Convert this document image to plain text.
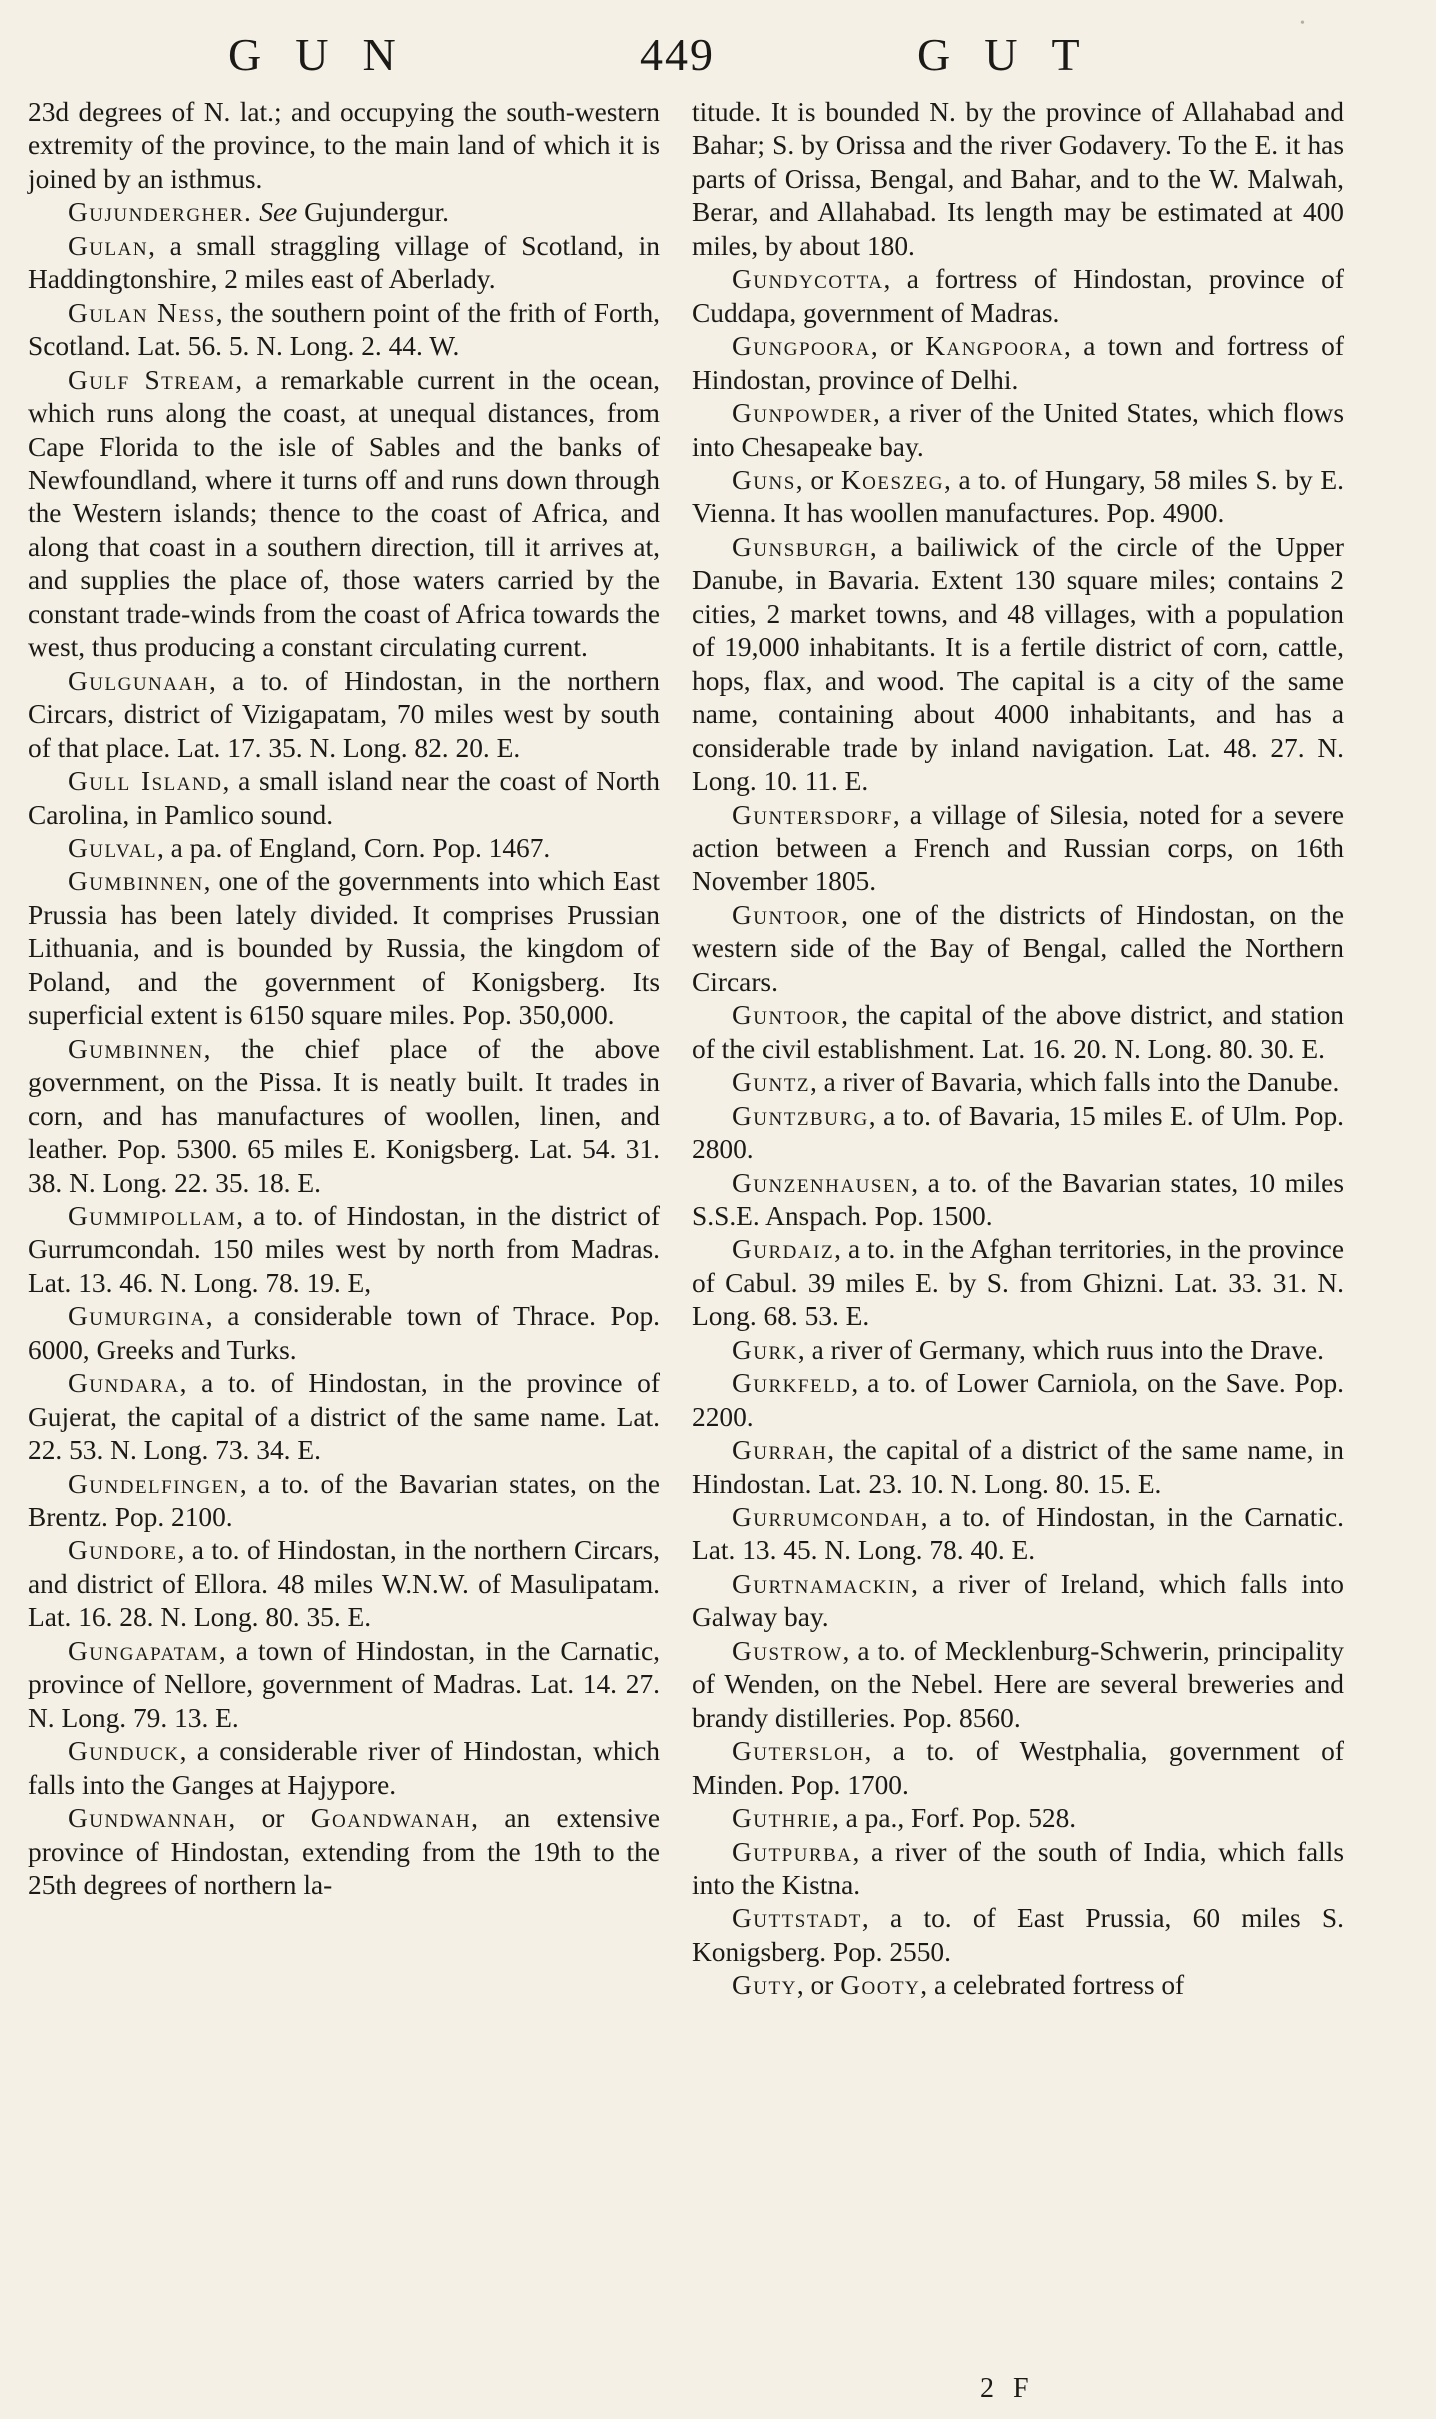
GUN	449	GUT
•

23d degrees of N. lat.; and occupying the south-western extremity of the province, to the main land of which it is joined by an isthmus.

Gujundergher. See Gujundergur.

Gulan, a small straggling village of Scotland, in Haddingtonshire, 2 miles east of Aberlady.

Gulan Ness, the southern point of the frith of Forth, Scotland. Lat. 56. 5. N. Long. 2. 44. W.

Gulf Stream, a remarkable current in the ocean, which runs along the coast, at unequal distances, from Cape Florida to the isle of Sables and the banks of Newfoundland, where it turns off and runs down through the Western islands; thence to the coast of Africa, and along that coast in a southern direction, till it arrives at, and supplies the place of, those waters carried by the constant trade-winds from the coast of Africa towards the west, thus producing a constant circulating current.

Gulgunaah, a to. of Hindostan, in the northern Circars, district of Vizigapatam, 70 miles west by south of that place. Lat. 17. 35. N. Long. 82. 20. E.

Gull Island, a small island near the coast of North Carolina, in Pamlico sound.

Gulval, a pa. of England, Corn. Pop. 1467.

Gumbinnen, one of the governments into which East Prussia has been lately divided. It comprises Prussian Lithuania, and is bounded by Russia, the kingdom of Poland, and the government of Konigsberg. Its superficial extent is 6150 square miles. Pop. 350,000.

Gumbinnen, the chief place of the above government, on the Pissa. It is neatly built. It trades in corn, and has manufactures of woollen, linen, and leather. Pop. 5300. 65 miles E. Konigsberg. Lat. 54. 31. 38. N. Long. 22. 35. 18. E.

Gummipollam, a to. of Hindostan, in the district of Gurrumcondah. 150 miles west by north from Madras. Lat. 13. 46. N. Long. 78. 19. E,

Gumurgina, a considerable town of Thrace. Pop. 6000, Greeks and Turks.

Gundara, a to. of Hindostan, in the province of Gujerat, the capital of a district of the same name. Lat. 22. 53. N. Long. 73. 34. E.

Gundelfingen, a to. of the Bavarian states, on the Brentz. Pop. 2100.

Gundore, a to. of Hindostan, in the northern Circars, and district of Ellora. 48 miles W.N.W. of Masulipatam. Lat. 16. 28. N. Long. 80. 35. E.

Gungapatam, a town of Hindostan, in the Carnatic, province of Nellore, government of Madras. Lat. 14. 27. N. Long. 79. 13. E.

Gunduck, a considerable river of Hindostan, which falls into the Ganges at Hajypore.

Gundwannah, or Goandwanah, an extensive province of Hindostan, extending from the 19th to the 25th degrees of northern la-

titude. It is bounded N. by the province of Allahabad and Bahar; S. by Orissa and the river Godavery. To the E. it has parts of Orissa, Bengal, and Bahar, and to the W. Malwah, Berar, and Allahabad. Its length may be estimated at 400 miles, by about 180.

Gundycotta, a fortress of Hindostan, province of Cuddapa, government of Madras.

Gungpoora, or Kangpoora, a town and fortress of Hindostan, province of Delhi.

Gunpowder, a river of the United States, which flows into Chesapeake bay.

Guns, or Koeszeg, a to. of Hungary, 58 miles S. by E. Vienna. It has woollen manufactures. Pop. 4900.

Gunsburgh, a bailiwick of the circle of the Upper Danube, in Bavaria. Extent 130 square miles; contains 2 cities, 2 market towns, and 48 villages, with a population of 19,000 inhabitants. It is a fertile district of corn, cattle, hops, flax, and wood. The capital is a city of the same name, containing about 4000 inhabitants, and has a considerable trade by inland navigation. Lat. 48. 27. N. Long. 10. 11. E.

Guntersdorf, a village of Silesia, noted for a severe action between a French and Russian corps, on 16th November 1805.

Guntoor, one of the districts of Hindostan, on the western side of the Bay of Bengal, called the Northern Circars.

Guntoor, the capital of the above district, and station of the civil establishment. Lat. 16. 20. N. Long. 80. 30. E.

Guntz, a river of Bavaria, which falls into the Danube.

Guntzburg, a to. of Bavaria, 15 miles E. of Ulm. Pop. 2800.

Gunzenhausen, a to. of the Bavarian states, 10 miles S.S.E. Anspach. Pop. 1500.

Gurdaiz, a to. in the Afghan territories, in the province of Cabul. 39 miles E. by S. from Ghizni. Lat. 33. 31. N. Long. 68. 53. E.

Gurk, a river of Germany, which ruus into the Drave.

Gurkfeld, a to. of Lower Carniola, on the Save. Pop. 2200.

Gurrah, the capital of a district of the same name, in Hindostan. Lat. 23. 10. N. Long. 80. 15. E.

Gurrumcondah, a to. of Hindostan, in the Carnatic. Lat. 13. 45. N. Long. 78. 40. E.

Gurtnamackin, a river of Ireland, which falls into Galway bay.

Gustrow, a to. of Mecklenburg-Schwerin, principality of Wenden, on the Nebel. Here are several breweries and brandy distilleries. Pop. 8560.

Gutersloh, a to. of Westphalia, government of Minden. Pop. 1700.

Guthrie, a pa., Forf. Pop. 528.

Gutpurba, a river of the south of India, which falls into the Kistna.

Guttstadt, a to. of East Prussia, 60 miles S. Konigsberg. Pop. 2550.

Guty, or Gooty, a celebrated fortress of

2 F
